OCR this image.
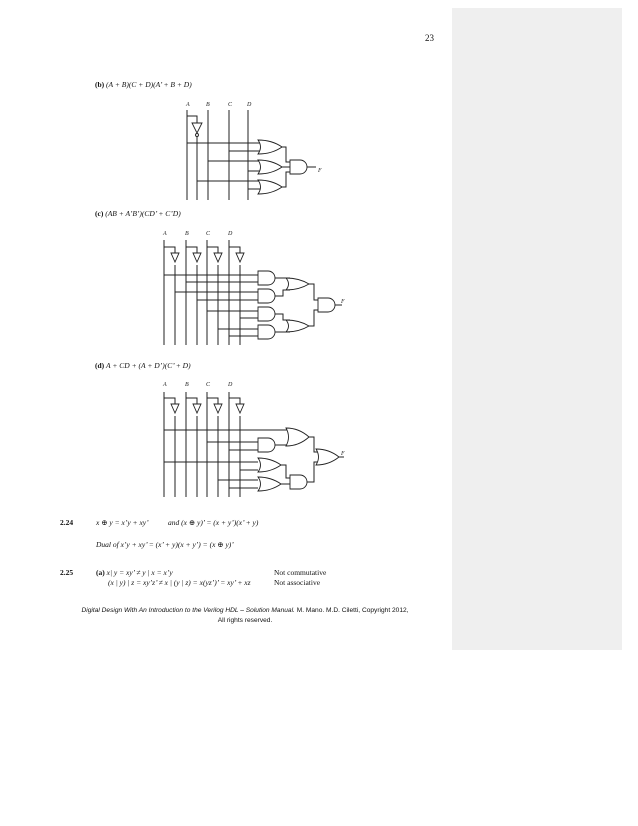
23
(b) (A + B)(C + D)(A’ + B + D)
A	B	C D
F
(c) (AB + A’B’)(CD’ + C’D)
A	B	C	D
F
(d) A + CD + (A + D’)(C’ + D)
A	B	C	D
F
2.24	x ⊕ y = x’y + xy’	and (x ⊕ y)’ = (x + y’)(x’ + y)
Dual of x’y + xy’ = (x’ + y)(x + y’) = (x ⊕ y)’
2.25	(a) x| y = xy’ ≠ y | x = x’y	Not commutative
(x | y) | z = xy’z’ ≠ x | (y | z) = x(yz’)’ = xy’ + xz	Not associative
Digital Design With An Introduction to the Verilog HDL – Solution Manual. M. Mano. M.D. Ciletti, Copyright 2012,
All rights reserved.
